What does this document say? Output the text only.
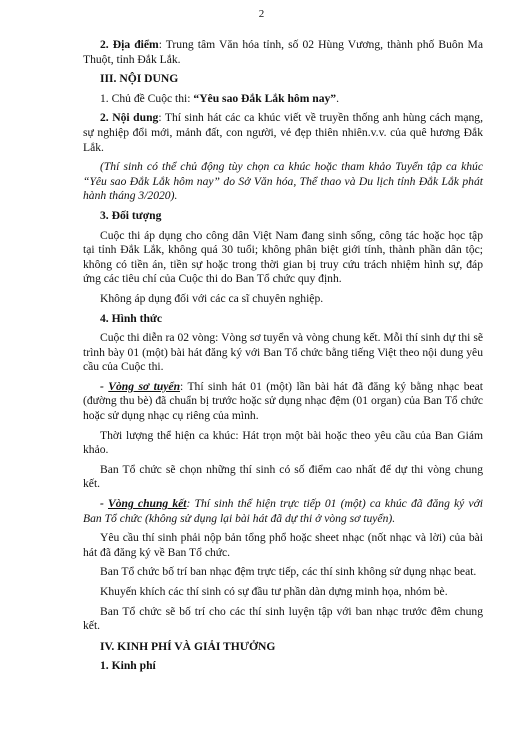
2

2. Địa điểm: Trung tâm Văn hóa tỉnh, số 02 Hùng Vương, thành phố Buôn Ma Thuột, tỉnh Đắk Lắk.

III. NỘI DUNG

1. Chủ đề Cuộc thi: “Yêu sao Đắk Lắk hôm nay”.

2. Nội dung: Thí sinh hát các ca khúc viết về truyền thống anh hùng cách mạng, sự nghiệp đổi mới, mảnh đất, con người, vẻ đẹp thiên nhiên.v.v. của quê hương Đắk Lắk.

(Thí sinh có thể chủ động tùy chọn ca khúc hoặc tham khảo Tuyển tập ca khúc “Yêu sao Đắk Lắk hôm nay” do Sở Văn hóa, Thể thao và Du lịch tỉnh Đắk Lắk phát hành tháng 3/2020).

3. Đối tượng

Cuộc thi áp dụng cho công dân Việt Nam đang sinh sống, công tác hoặc học tập tại tỉnh Đắk Lắk, không quá 30 tuổi; không phân biệt giới tính, thành phần dân tộc; không có tiền án, tiền sự hoặc trong thời gian bị truy cứu trách nhiệm hình sự, đáp ứng các tiêu chí của Cuộc thi do Ban Tổ chức quy định.

Không áp dụng đối với các ca sĩ chuyên nghiệp.

4. Hình thức

Cuộc thi diễn ra 02 vòng: Vòng sơ tuyển và vòng chung kết. Mỗi thí sinh dự thi sẽ trình bày 01 (một) bài hát đăng ký với Ban Tổ chức bằng tiếng Việt theo nội dung yêu cầu của Cuộc thi.

- Vòng sơ tuyển: Thí sinh hát 01 (một) lần bài hát đã đăng ký bằng nhạc beat (đường thu bè) đã chuẩn bị trước hoặc sử dụng nhạc đệm (01 organ) của Ban Tổ chức hoặc sử dụng nhạc cụ riêng của mình.

Thời lượng thể hiện ca khúc: Hát trọn một bài hoặc theo yêu cầu của Ban Giám khảo.

Ban Tổ chức sẽ chọn những thí sinh có số điểm cao nhất để dự thi vòng chung kết.

- Vòng chung kết: Thí sinh thể hiện trực tiếp 01 (một) ca khúc đã đăng ký với Ban Tổ chức (không sử dụng lại bài hát đã dự thi ở vòng sơ tuyển).

Yêu cầu thí sinh phải nộp bản tổng phổ hoặc sheet nhạc (nốt nhạc và lời) của bài hát đã đăng ký về Ban Tổ chức.

Ban Tổ chức bố trí ban nhạc đệm trực tiếp, các thí sinh không sử dụng nhạc beat.

Khuyến khích các thí sinh có sự đầu tư phần dàn dựng minh họa, nhóm bè.

Ban Tổ chức sẽ bố trí cho các thí sinh luyện tập với ban nhạc trước đêm chung kết.

IV. KINH PHÍ VÀ GIẢI THƯỞNG

1. Kinh phí
